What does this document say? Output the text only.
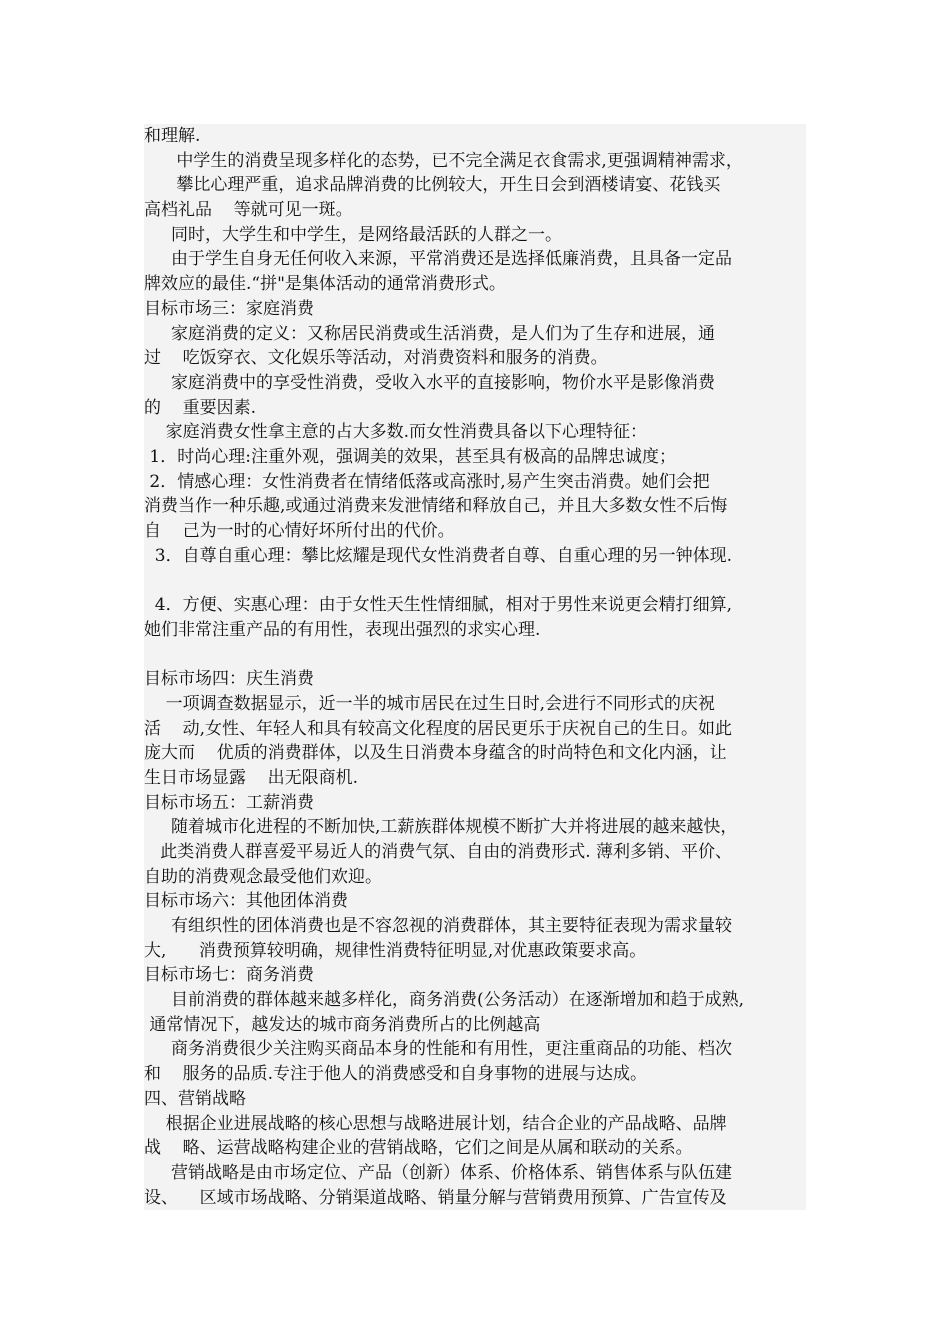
和理解.
中学生的消费呈现多样化的态势，已不完全满足衣食需求,更强调精神需求，
攀比心理严重，追求品牌消费的比例较大，开生日会到酒楼请宴、花钱买
高档礼品    等就可见一斑。
同时，大学生和中学生，是网络最活跃的人群之一。
由于学生自身无任何收入来源，平常消费还是选择低廉消费，且具备一定品
牌效应的最佳.“拼"是集体活动的通常消费形式。
目标市场三：家庭消费
家庭消费的定义：又称居民消费或生活消费，是人们为了生存和进展，通
过    吃饭穿衣、文化娱乐等活动，对消费资料和服务的消费。
家庭消费中的享受性消费，受收入水平的直接影响，物价水平是影像消费
的    重要因素.
家庭消费女性拿主意的占大多数.而女性消费具备以下心理特征：
1．时尚心理:注重外观，强调美的效果，甚至具有极高的品牌忠诚度；
2．情感心理：女性消费者在情绪低落或高涨时,易产生突击消费。她们会把
消费当作一种乐趣,或通过消费来发泄情绪和释放自己，并且大多数女性不后悔
自    己为一时的心情好坏所付出的代价。
3．自尊自重心理：攀比炫耀是现代女性消费者自尊、自重心理的另一钟体现.
4．方便、实惠心理：由于女性天生性情细腻，相对于男性来说更会精打细算,
她们非常注重产品的有用性，表现出强烈的求实心理.
目标市场四：庆生消费
一项调查数据显示，近一半的城市居民在过生日时,会进行不同形式的庆祝
活    动,女性、年轻人和具有较高文化程度的居民更乐于庆祝自己的生日。如此
庞大而    优质的消费群体，以及生日消费本身蕴含的时尚特色和文化内涵，让
生日市场显露    出无限商机.
目标市场五：工薪消费
随着城市化进程的不断加快,工薪族群体规模不断扩大并将进展的越来越快，
此类消费人群喜爱平易近人的消费气氛、自由的消费形式. 薄利多销、平价、
自助的消费观念最受他们欢迎。
目标市场六：其他团体消费
有组织性的团体消费也是不容忽视的消费群体，其主要特征表现为需求量较
大,      消费预算较明确，规律性消费特征明显,对优惠政策要求高。
目标市场七：商务消费
目前消费的群体越来越多样化，商务消费(公务活动）在逐渐增加和趋于成熟,
通常情况下，越发达的城市商务消费所占的比例越高
商务消费很少关注购买商品本身的性能和有用性，更注重商品的功能、档次
和    服务的品质.专注于他人的消费感受和自身事物的进展与达成。
四、营销战略
根据企业进展战略的核心思想与战略进展计划，结合企业的产品战略、品牌
战    略、运营战略构建企业的营销战略，它们之间是从属和联动的关系。
营销战略是由市场定位、产品（创新）体系、价格体系、销售体系与队伍建
设、    区域市场战略、分销渠道战略、销量分解与营销费用预算、广告宣传及
